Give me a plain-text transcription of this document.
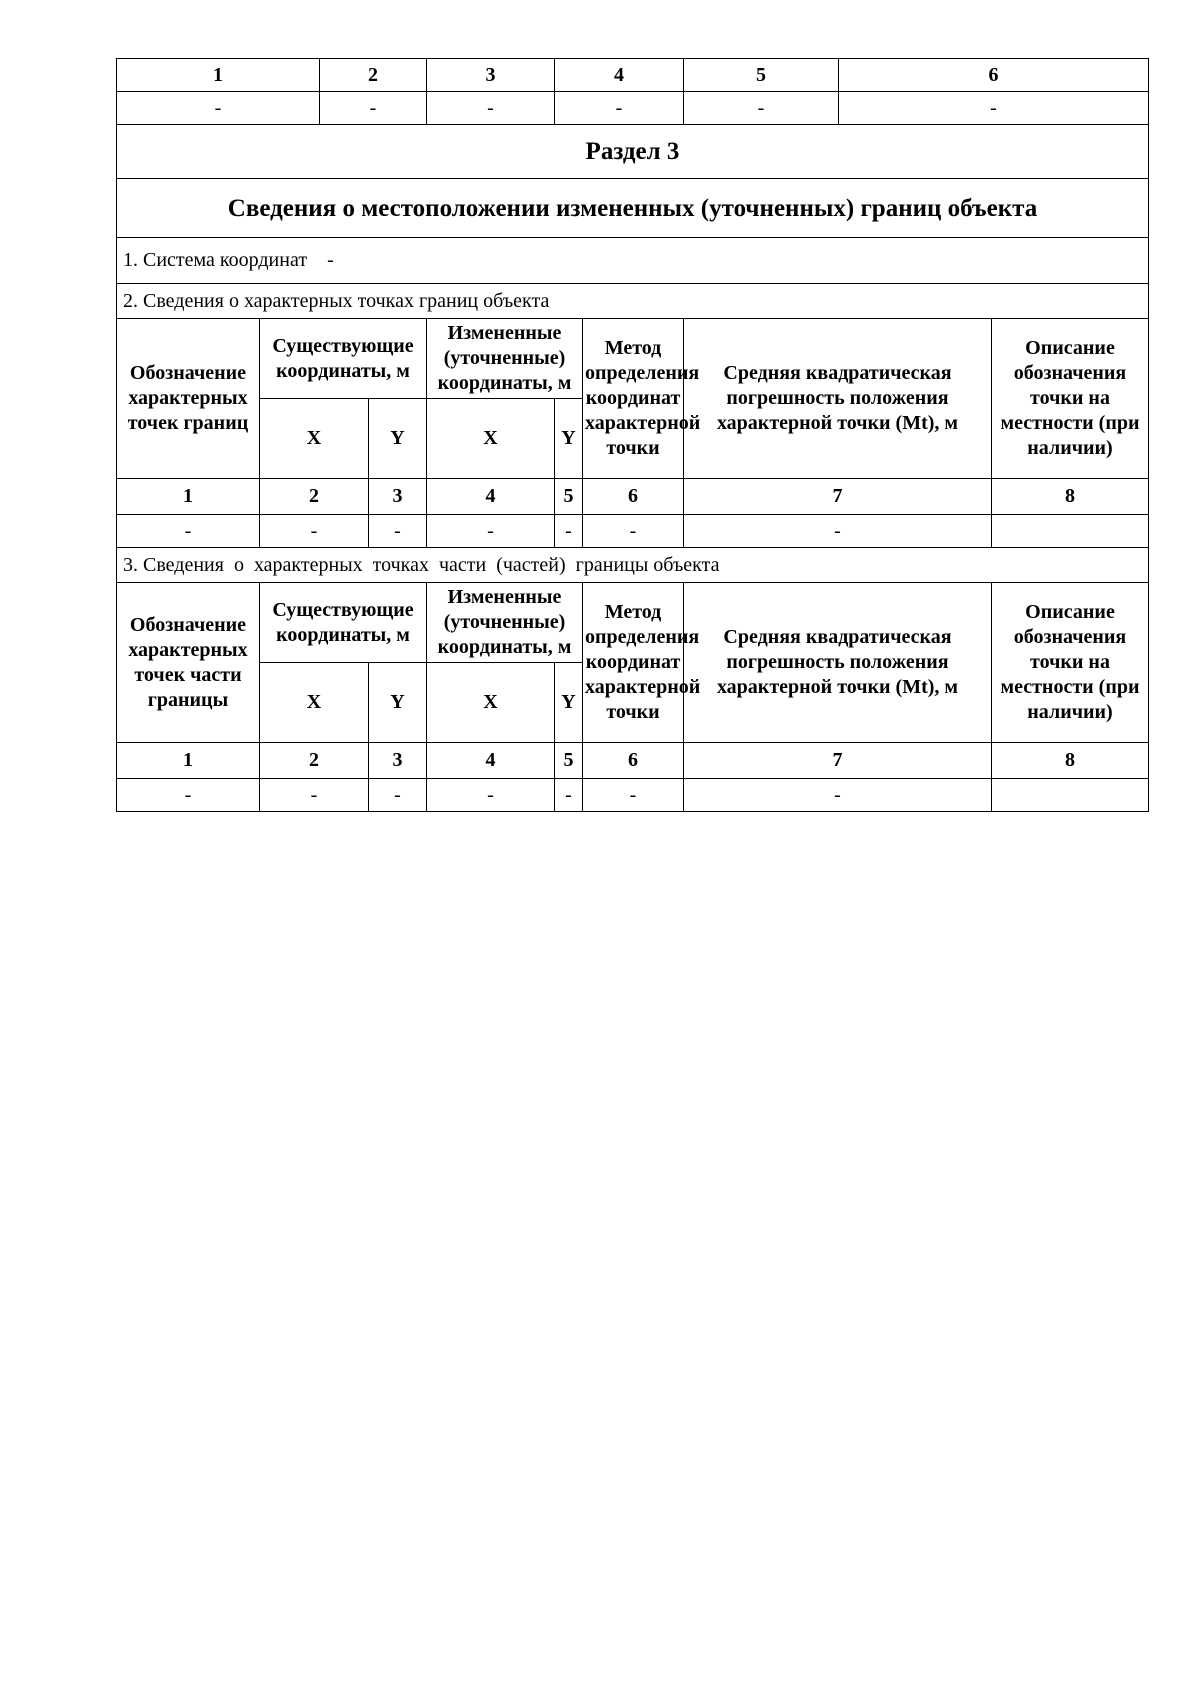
1		2		3	4		5	6	
-		-		-	-		-	-	
Раздел 3									
Сведения о местоположении измененных (уточненных) границ объекта									
1. Система координат -									
2. Сведения о характерных точках границ объекта									
Обозначение характерных точек границ	Существующие координаты, м			Измененные (уточненные) координаты, м		Метод определения координат характерной точки	Средняя квадратическая погрешность положения характерной точки (Mt), м		Описание обозначения точки на местности (при наличии)
	X		Y	X	Y				
1	2		3	4	5	6	7		8
-	-		-	-	-	-	-		
3. Сведения  о  характерных  точках  части  (частей)  границы объекта									
Обозначение характерных точек части границы	Существующие координаты, м			Измененные (уточненные) координаты, м		Метод определения координат характерной точки	Средняя квадратическая погрешность положения характерной точки (Mt), м		Описание обозначения точки на местности (при наличии)
	X		Y	X	Y				
1	2		3	4	5	6	7		8
-	-		-	-	-	-	-		
